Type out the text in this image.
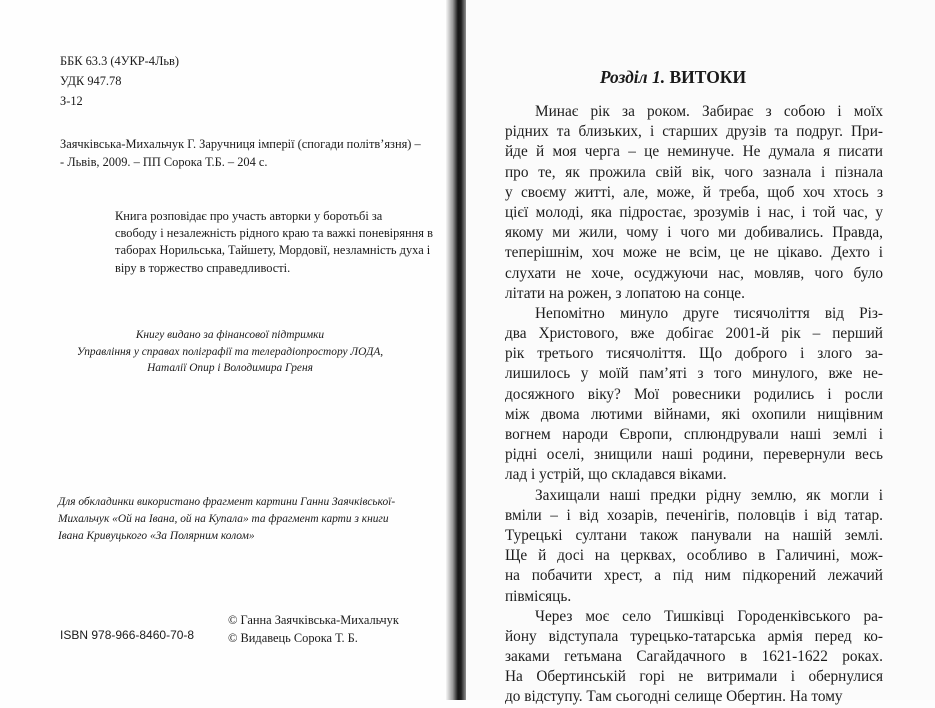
ББК 63.3 (4УКР-4Льв)
УДК 947.78
З-12
Заячківська-Михальчук Г. Заручниця імперії (спогади політв’язня) –
- Львів, 2009. – ПП Сорока Т.Б. – 204 с.
Книга розповідає про участь авторки у боротьбі за
свободу і незалежність рідного краю та важкі поневіряння в
таборах Норильська, Тайшету, Мордовії, незламність духа і
віру в торжество справедливості.
Книгу видано за фінансової підтримки
Управління у справах поліграфії та телерадіопростору ЛОДА,
Наталії Опир і Володимира Греня
Для обкладинки використано фрагмент картини Ганни Заячківської-
Михальчук «Ой на Івана, ой на Купала» та фрагмент карти з книги
Івана Кривуцького «За Полярним колом»
ISBN 978-966-8460-70-8
© Ганна Заячківська-Михальчук
© Видавець Сорока Т. Б.
Розділ 1. ВИТОКИ
Минає рік за роком. Забирає з собою і моїх
рідних та близьких, і старших друзів та подруг. При-
йде й моя черга – це неминуче. Не думала я писати
про те, як прожила свій вік, чого зазнала і пізнала
у своєму житті, але, може, й треба, щоб хоч хтось з
цієї молоді, яка підростає, зрозумів і нас, і той час, у
якому ми жили, чому і чого ми добивались. Правда,
теперішнім, хоч може не всім, це не цікаво. Дехто і
слухати не хоче, осуджуючи нас, мовляв, чого було
літати на рожен, з лопатою на сонце.
Непомітно минуло друге тисячоліття від Різ-
два Христового, вже добігає 2001-й рік – перший
рік третього тисячоліття. Що доброго і злого за-
лишилось у моїй пам’яті з того минулого, вже не-
досяжного віку? Мої ровесники родились і росли
між двома лютими війнами, які охопили нищівним
вогнем народи Європи, сплюндрували наші землі і
рідні оселі, знищили наші родини, перевернули весь
лад і устрій, що складався віками.
Захищали наші предки рідну землю, як могли і
вміли – і від хозарів, печенігів, половців і від татар.
Турецькі султани також панували на нашій землі.
Ще й досі на церквах, особливо в Галичині, мож-
на побачити хрест, а під ним підкорений лежачий
півмісяць.
Через моє село Тишківці Городенківського ра-
йону відступала турецько-татарська армія перед ко-
заками гетьмана Сагайдачного в 1621-1622 роках.
На Обертинській горі не витримали і обернулися
до відступу. Там сьогодні селище Обертин. На тому
